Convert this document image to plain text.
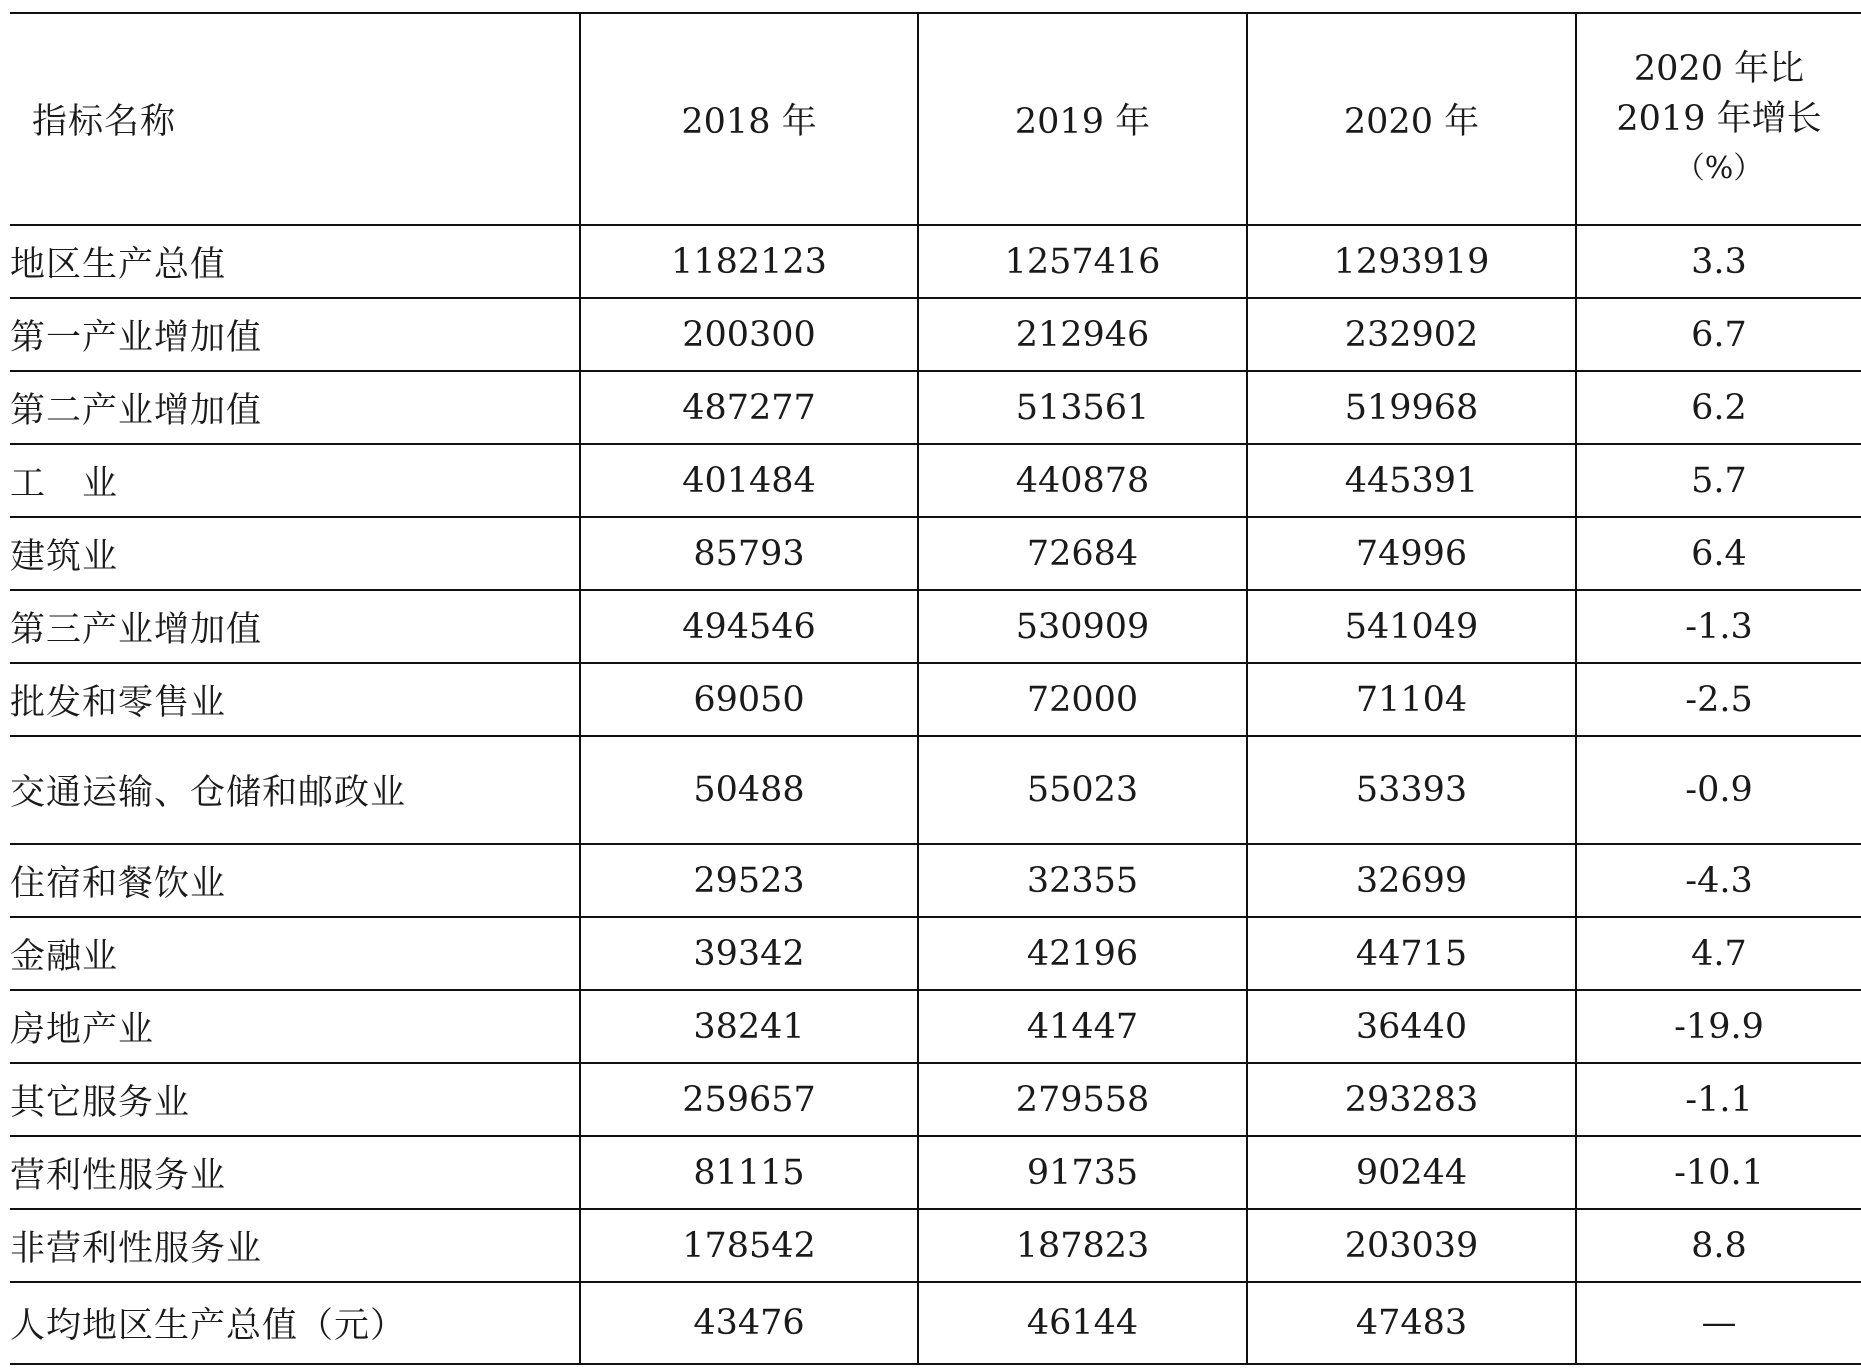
指标名称	2018 年	2019 年	2020 年	2020 年比
2019 年增长
（%）

地区生产总值	1182123	1257416	1293919	3.3
第一产业增加值	200300	212946	232902	6.7
第二产业增加值	487277	513561	519968	6.2
工　业	401484	440878	445391	5.7
建筑业	85793	72684	74996	6.4
第三产业增加值	494546	530909	541049	-1.3
批发和零售业	69050	72000	71104	-2.5
交通运输、仓储和邮政业	50488	55023	53393	-0.9
住宿和餐饮业	29523	32355	32699	-4.3
金融业	39342	42196	44715	4.7
房地产业	38241	41447	36440	-19.9
其它服务业	259657	279558	293283	-1.1
营利性服务业	81115	91735	90244	-10.1
非营利性服务业	178542	187823	203039	8.8
人均地区生产总值（元）	43476	46144	47483	—
